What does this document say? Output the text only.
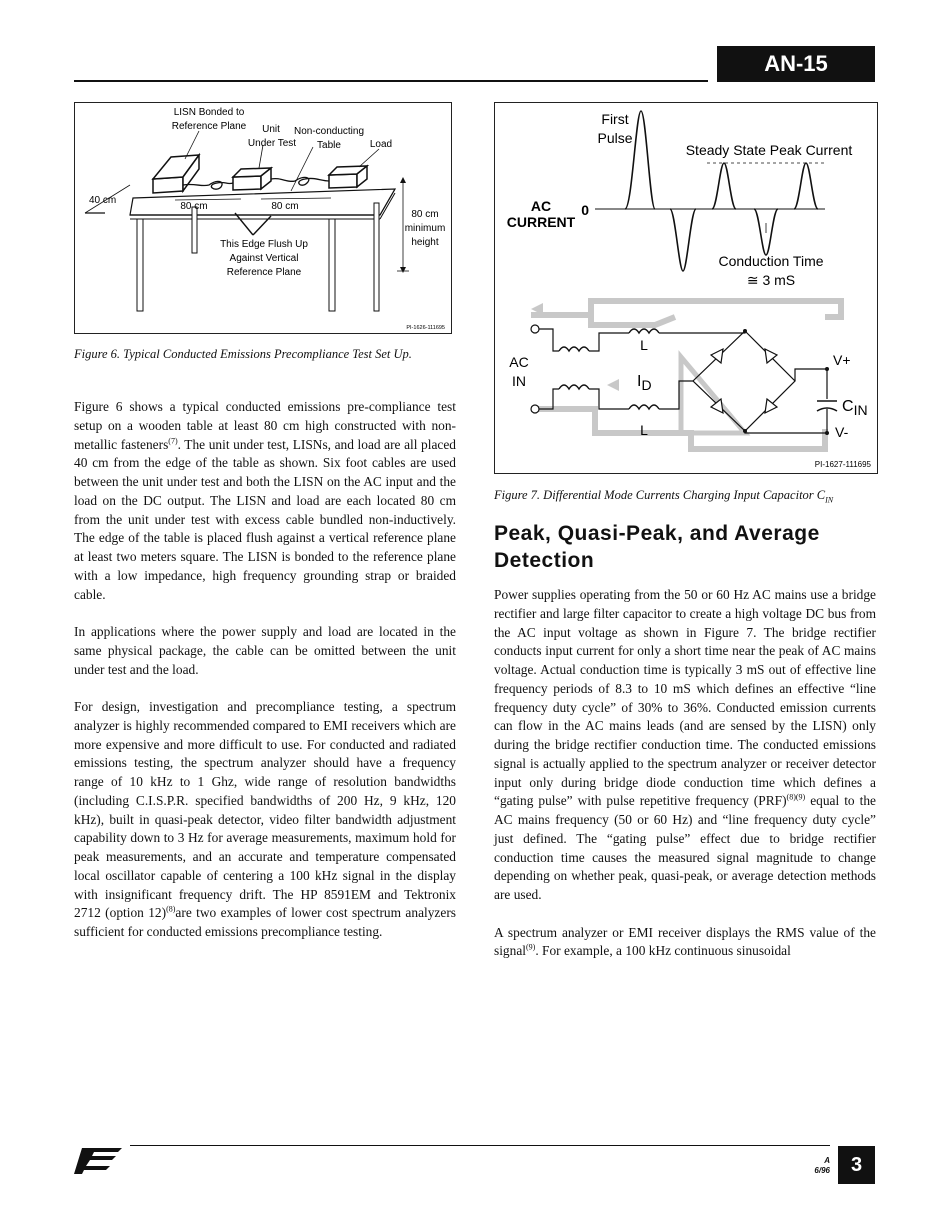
AN-15
LISN Bonded to
Reference Plane Unit
Under Test
Non-conducting
Table	Load
40 cm
80 cm	80 cm
80 cm
minimum
height
This Edge Flush Up
Against Vertical
Reference Plane
PI-1626-111695
Figure 6. Typical Conducted Emissions Precompliance Test Set Up.
First
Pulse
Steady State Peak Current
AC
CURRENT
0
Conduction Time
≅ 3 mS
AC
IN
L
L
ID
V+
V-
CIN
PI-1627-111695
Figure 7. Differential Mode Currents Charging Input Capacitor $C_{IN}$

Figure 6 shows a typical conducted emissions pre-compliance test setup on a wooden table at least 80 cm high constructed with non-metallic fasteners$^{(7)}$. The unit under test, LISNs, and load are all placed 40 cm from the edge of the table as shown. Six foot cables are used between the unit under test and both the LISN on the AC input and the load on the DC output. The LISN and load are each located 80 cm from the unit under test with excess cable bundled non-inductively. The edge of the table is placed flush against a vertical reference plane at least two meters square. The LISN is bonded to the reference plane with a low impedance, high frequency grounding strap or braided cable.

In applications where the power supply and load are located in the same physical package, the cable can be omitted between the unit under test and the load.

For design, investigation and precompliance testing, a spectrum analyzer is highly recommended compared to EMI receivers which are more expensive and more difficult to use. For conducted and radiated emissions testing, the spectrum analyzer should have a frequency range of 10 kHz to 1 Ghz, wide range of resolution bandwidths (including C.I.S.P.R. specified bandwidths of 200 Hz, 9 kHz, 120 kHz), built in quasi-peak detector, video filter bandwidth adjustment capability down to 3 Hz for average measurements, maximum hold for peak measurements, and an accurate and temperature compensated local oscillator capable of centering a 100 kHz signal in the display with insignificant frequency drift. The HP 8591EM and Tektronix 2712 (option 12)$^{(8)}$are two examples of lower cost spectrum analyzers sufficient for conducted emissions precompliance testing.

Peak, Quasi-Peak, and Average Detection

Power supplies operating from the 50 or 60 Hz AC mains use a bridge rectifier and large filter capacitor to create a high voltage DC bus from the AC input voltage as shown in Figure 7. The bridge rectifier conducts input current for only a short time near the peak of AC mains voltage. Actual conduction time is typically 3 mS out of effective line frequency periods of 8.3 to 10 mS which defines an effective “line frequency duty cycle” of 30% to 36%. Conducted emission currents can flow in the AC mains leads (and are sensed by the LISN) only during the bridge rectifier conduction time. The conducted emissions signal is actually applied to the spectrum analyzer or receiver detector input only during bridge diode conduction time which defines a “gating pulse” with pulse repetitive frequency (PRF)$^{(8)(9)}$ equal to the AC mains frequency (50 or 60 Hz) and “line frequency duty cycle” just defined. The “gating pulse” effect due to bridge rectifier conduction time causes the measured signal magnitude to change depending on whether peak, quasi-peak, or average detection methods are used.

A spectrum analyzer or EMI receiver displays the RMS value of the signal$^{(9)}$. For example, a 100 kHz continuous sinusoidal

A
6/96 3
